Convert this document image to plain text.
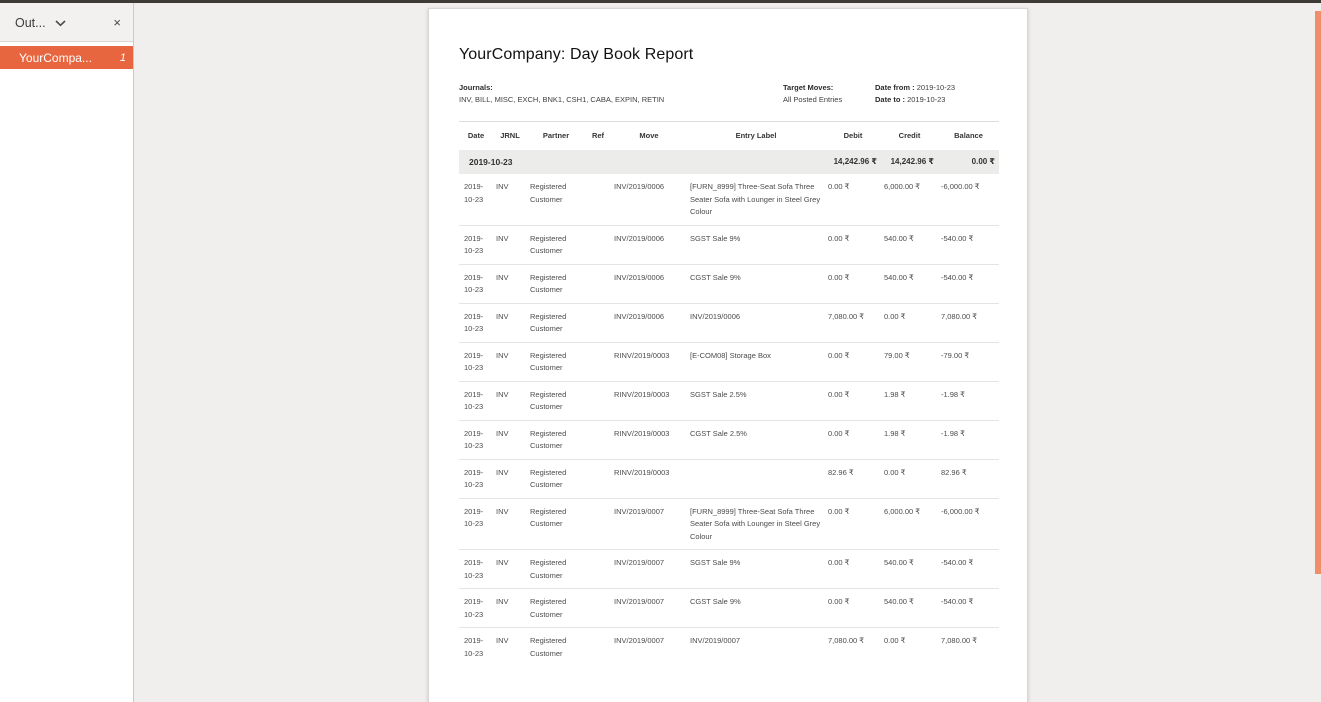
Out...	×
YourCompa...	1	YourCompany: Day Book Report
Journals:
INV, BILL, MISC, EXCH, BNK1, CSH1, CABA, EXPIN, RETIN
Target Moves:
All Posted Entries
Date from : 2019-10-23
Date to : 2019-10-23
Date	JRNL	Partner	Ref	Move	Entry Label	Debit	Credit	Balance

2019-10-23						14,242.96 ₹	14,242.96 ₹	0.00 ₹
2019-10-23	INV	Registered Customer		INV/2019/0006	[FURN_8999] Three-Seat Sofa Three Seater Sofa with Lounger in Steel Grey Colour	0.00 ₹	6,000.00 ₹	-6,000.00 ₹
2019-10-23	INV	Registered Customer		INV/2019/0006	SGST Sale 9%	0.00 ₹	540.00 ₹	-540.00 ₹
2019-10-23	INV	Registered Customer		INV/2019/0006	CGST Sale 9%	0.00 ₹	540.00 ₹	-540.00 ₹
2019-10-23	INV	Registered Customer		INV/2019/0006	INV/2019/0006	7,080.00 ₹	0.00 ₹	7,080.00 ₹
2019-10-23	INV	Registered Customer		RINV/2019/0003	[E-COM08] Storage Box	0.00 ₹	79.00 ₹	-79.00 ₹
2019-10-23	INV	Registered Customer		RINV/2019/0003	SGST Sale 2.5%	0.00 ₹	1.98 ₹	-1.98 ₹
2019-10-23	INV	Registered Customer		RINV/2019/0003	CGST Sale 2.5%	0.00 ₹	1.98 ₹	-1.98 ₹
2019-10-23	INV	Registered Customer		RINV/2019/0003		82.96 ₹	0.00 ₹	82.96 ₹
2019-10-23	INV	Registered Customer		INV/2019/0007	[FURN_8999] Three-Seat Sofa Three Seater Sofa with Lounger in Steel Grey Colour	0.00 ₹	6,000.00 ₹	-6,000.00 ₹
2019-10-23	INV	Registered Customer		INV/2019/0007	SGST Sale 9%	0.00 ₹	540.00 ₹	-540.00 ₹
2019-10-23	INV	Registered Customer		INV/2019/0007	CGST Sale 9%	0.00 ₹	540.00 ₹	-540.00 ₹
2019-10-23	INV	Registered Customer		INV/2019/0007	INV/2019/0007	7,080.00 ₹	0.00 ₹	7,080.00 ₹
